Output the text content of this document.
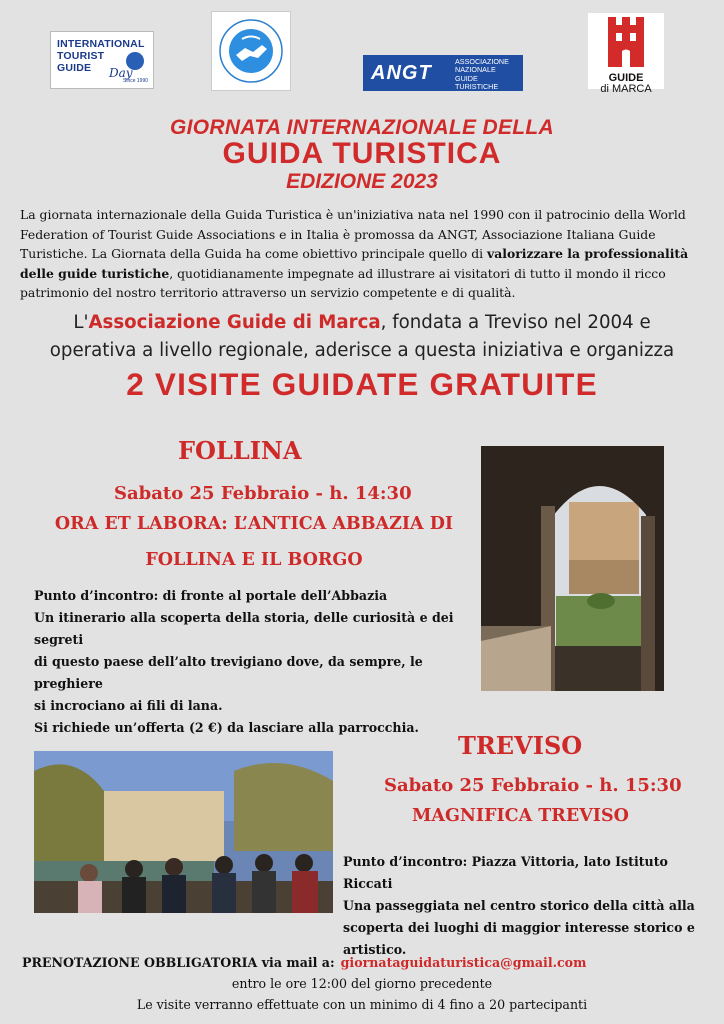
INTERNATIONAL
TOURIST
GUIDE	Day
Since 1990	ANGT
ASSOCIAZIONE
NAZIONALE
GUIDE
TURISTICHE
GUIDE
di MARCA
GIORNATA INTERNAZIONALE DELLA
GUIDA TURISTICA
EDIZIONE 2023
La giornata internazionale della Guida Turistica è un'iniziativa nata nel 1990 con il patrocinio della World Federation of Tourist Guide Associations e in Italia è promossa da ANGT, Associazione Italiana Guide Turistiche. La Giornata della Guida ha come obiettivo principale quello di valorizzare la professionalità delle guide turistiche, quotidianamente impegnate ad illustrare ai visitatori di tutto il mondo il ricco patrimonio del nostro territorio attraverso un servizio competente e di qualità.
L'Associazione Guide di Marca, fondata a Treviso nel 2004 e
operativa a livello regionale, aderisce a questa iniziativa e organizza
2 VISITE GUIDATE GRATUITE
FOLLINA
Sabato 25 Febbraio - h. 14:30
ORA ET LABORA: L’ANTICA ABBAZIA DI
FOLLINA E IL BORGO
Punto d’incontro: di fronte al portale dell’Abbazia
Un itinerario alla scoperta della storia, delle curiosità e dei segreti
di questo paese dell’alto trevigiano dove, da sempre, le preghiere
si incrociano ai fili di lana.
Si richiede un’offerta (2 €) da lasciare alla parrocchia.
TREVISO
Sabato 25 Febbraio - h. 15:30
MAGNIFICA TREVISO
Punto d’incontro: Piazza Vittoria, lato Istituto Riccati
Una passeggiata nel centro storico della città alla
scoperta dei luoghi di maggior interesse storico e
artistico.
PRENOTAZIONE OBBLIGATORIA via mail a: giornataguidaturistica@gmail.com
entro le ore 12:00 del giorno precedente
Le visite verranno effettuate con un minimo di 4 fino a 20 partecipanti
